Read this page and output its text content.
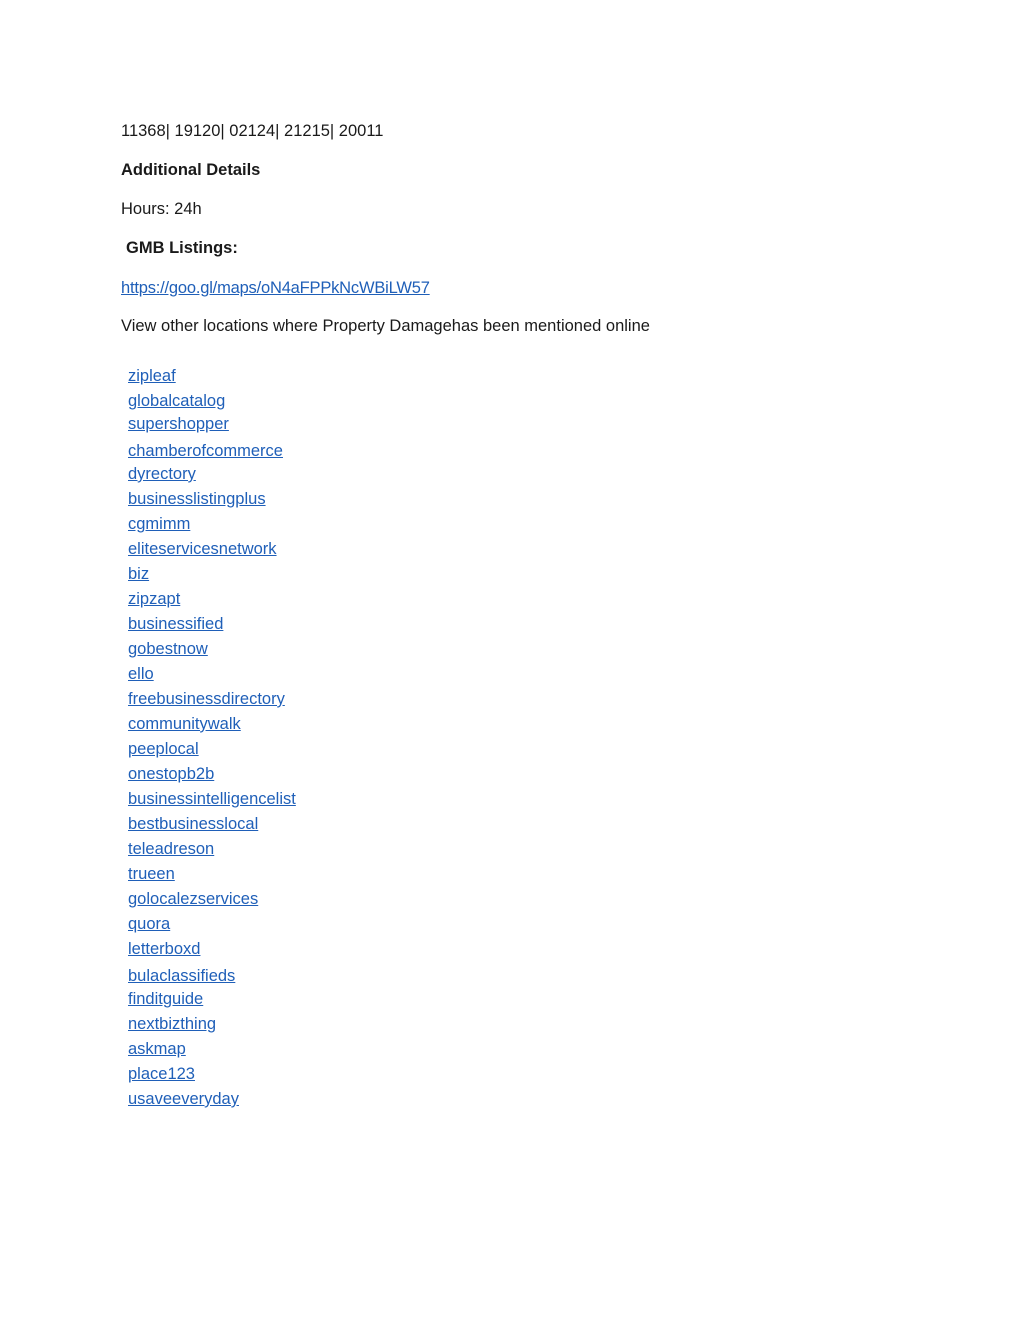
11368| 19120| 02124| 21215| 20011
Additional Details
Hours: 24h
GMB Listings:
https://goo.gl/maps/oN4aFPPkNcWBiLW57
View other locations where Property Damagehas been mentioned online
zipleaf
globalcatalog
supershopper
chamberofcommerce
dyrectory
businesslistingplus
cgmimm
eliteservicesnetwork
biz
zipzapt
businessified
gobestnow
ello
freebusinessdirectory
communitywalk
peeplocal
onestopb2b
businessintelligencelist
bestbusinesslocal
teleadreson
trueen
golocalezservices
quora
letterboxd
bulaclassifieds
finditguide
nextbizthing
askmap
place123
usaveeveryday
